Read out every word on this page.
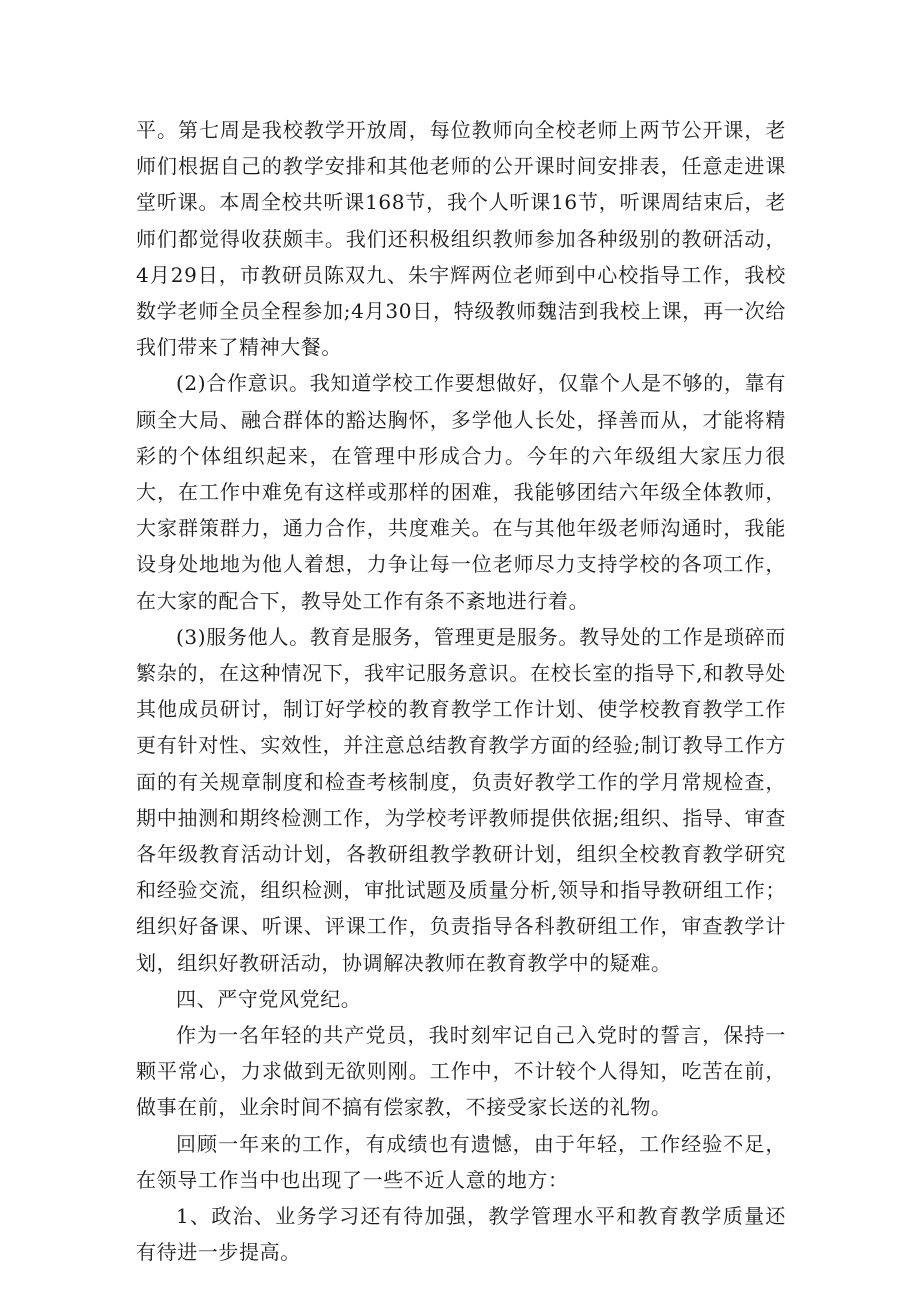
平。第七周是我校教学开放周，每位教师向全校老师上两节公开课，老师们根据自己的教学安排和其他老师的公开课时间安排表，任意走进课堂听课。本周全校共听课168节，我个人听课16节，听课周结束后，老师们都觉得收获颇丰。我们还积极组织教师参加各种级别的教研活动，4月29日，市教研员陈双九、朱宇辉两位老师到中心校指导工作，我校数学老师全员全程参加;4月30日，特级教师魏洁到我校上课，再一次给我们带来了精神大餐。

(2)合作意识。我知道学校工作要想做好，仅靠个人是不够的，靠有顾全大局、融合群体的豁达胸怀，多学他人长处，择善而从，才能将精彩的个体组织起来，在管理中形成合力。今年的六年级组大家压力很大，在工作中难免有这样或那样的困难，我能够团结六年级全体教师，大家群策群力，通力合作，共度难关。在与其他年级老师沟通时，我能设身处地地为他人着想，力争让每一位老师尽力支持学校的各项工作，在大家的配合下，教导处工作有条不紊地进行着。

(3)服务他人。教育是服务，管理更是服务。教导处的工作是琐碎而繁杂的，在这种情况下，我牢记服务意识。在校长室的指导下,和教导处其他成员研讨，制订好学校的教育教学工作计划、使学校教育教学工作更有针对性、实效性，并注意总结教育教学方面的经验;制订教导工作方面的有关规章制度和检查考核制度，负责好教学工作的学月常规检查，期中抽测和期终检测工作，为学校考评教师提供依据;组织、指导、审查各年级教育活动计划，各教研组教学教研计划，组织全校教育教学研究和经验交流，组织检测，审批试题及质量分析,领导和指导教研组工作；组织好备课、听课、评课工作，负责指导各科教研组工作，审查教学计划，组织好教研活动，协调解决教师在教育教学中的疑难。

四、严守党风党纪。

作为一名年轻的共产党员，我时刻牢记自己入党时的誓言，保持一颗平常心，力求做到无欲则刚。工作中，不计较个人得知，吃苦在前，做事在前，业余时间不搞有偿家教，不接受家长送的礼物。

回顾一年来的工作，有成绩也有遗憾，由于年轻，工作经验不足，在领导工作当中也出现了一些不近人意的地方：

1、政治、业务学习还有待加强，教学管理水平和教育教学质量还有待进一步提高。
